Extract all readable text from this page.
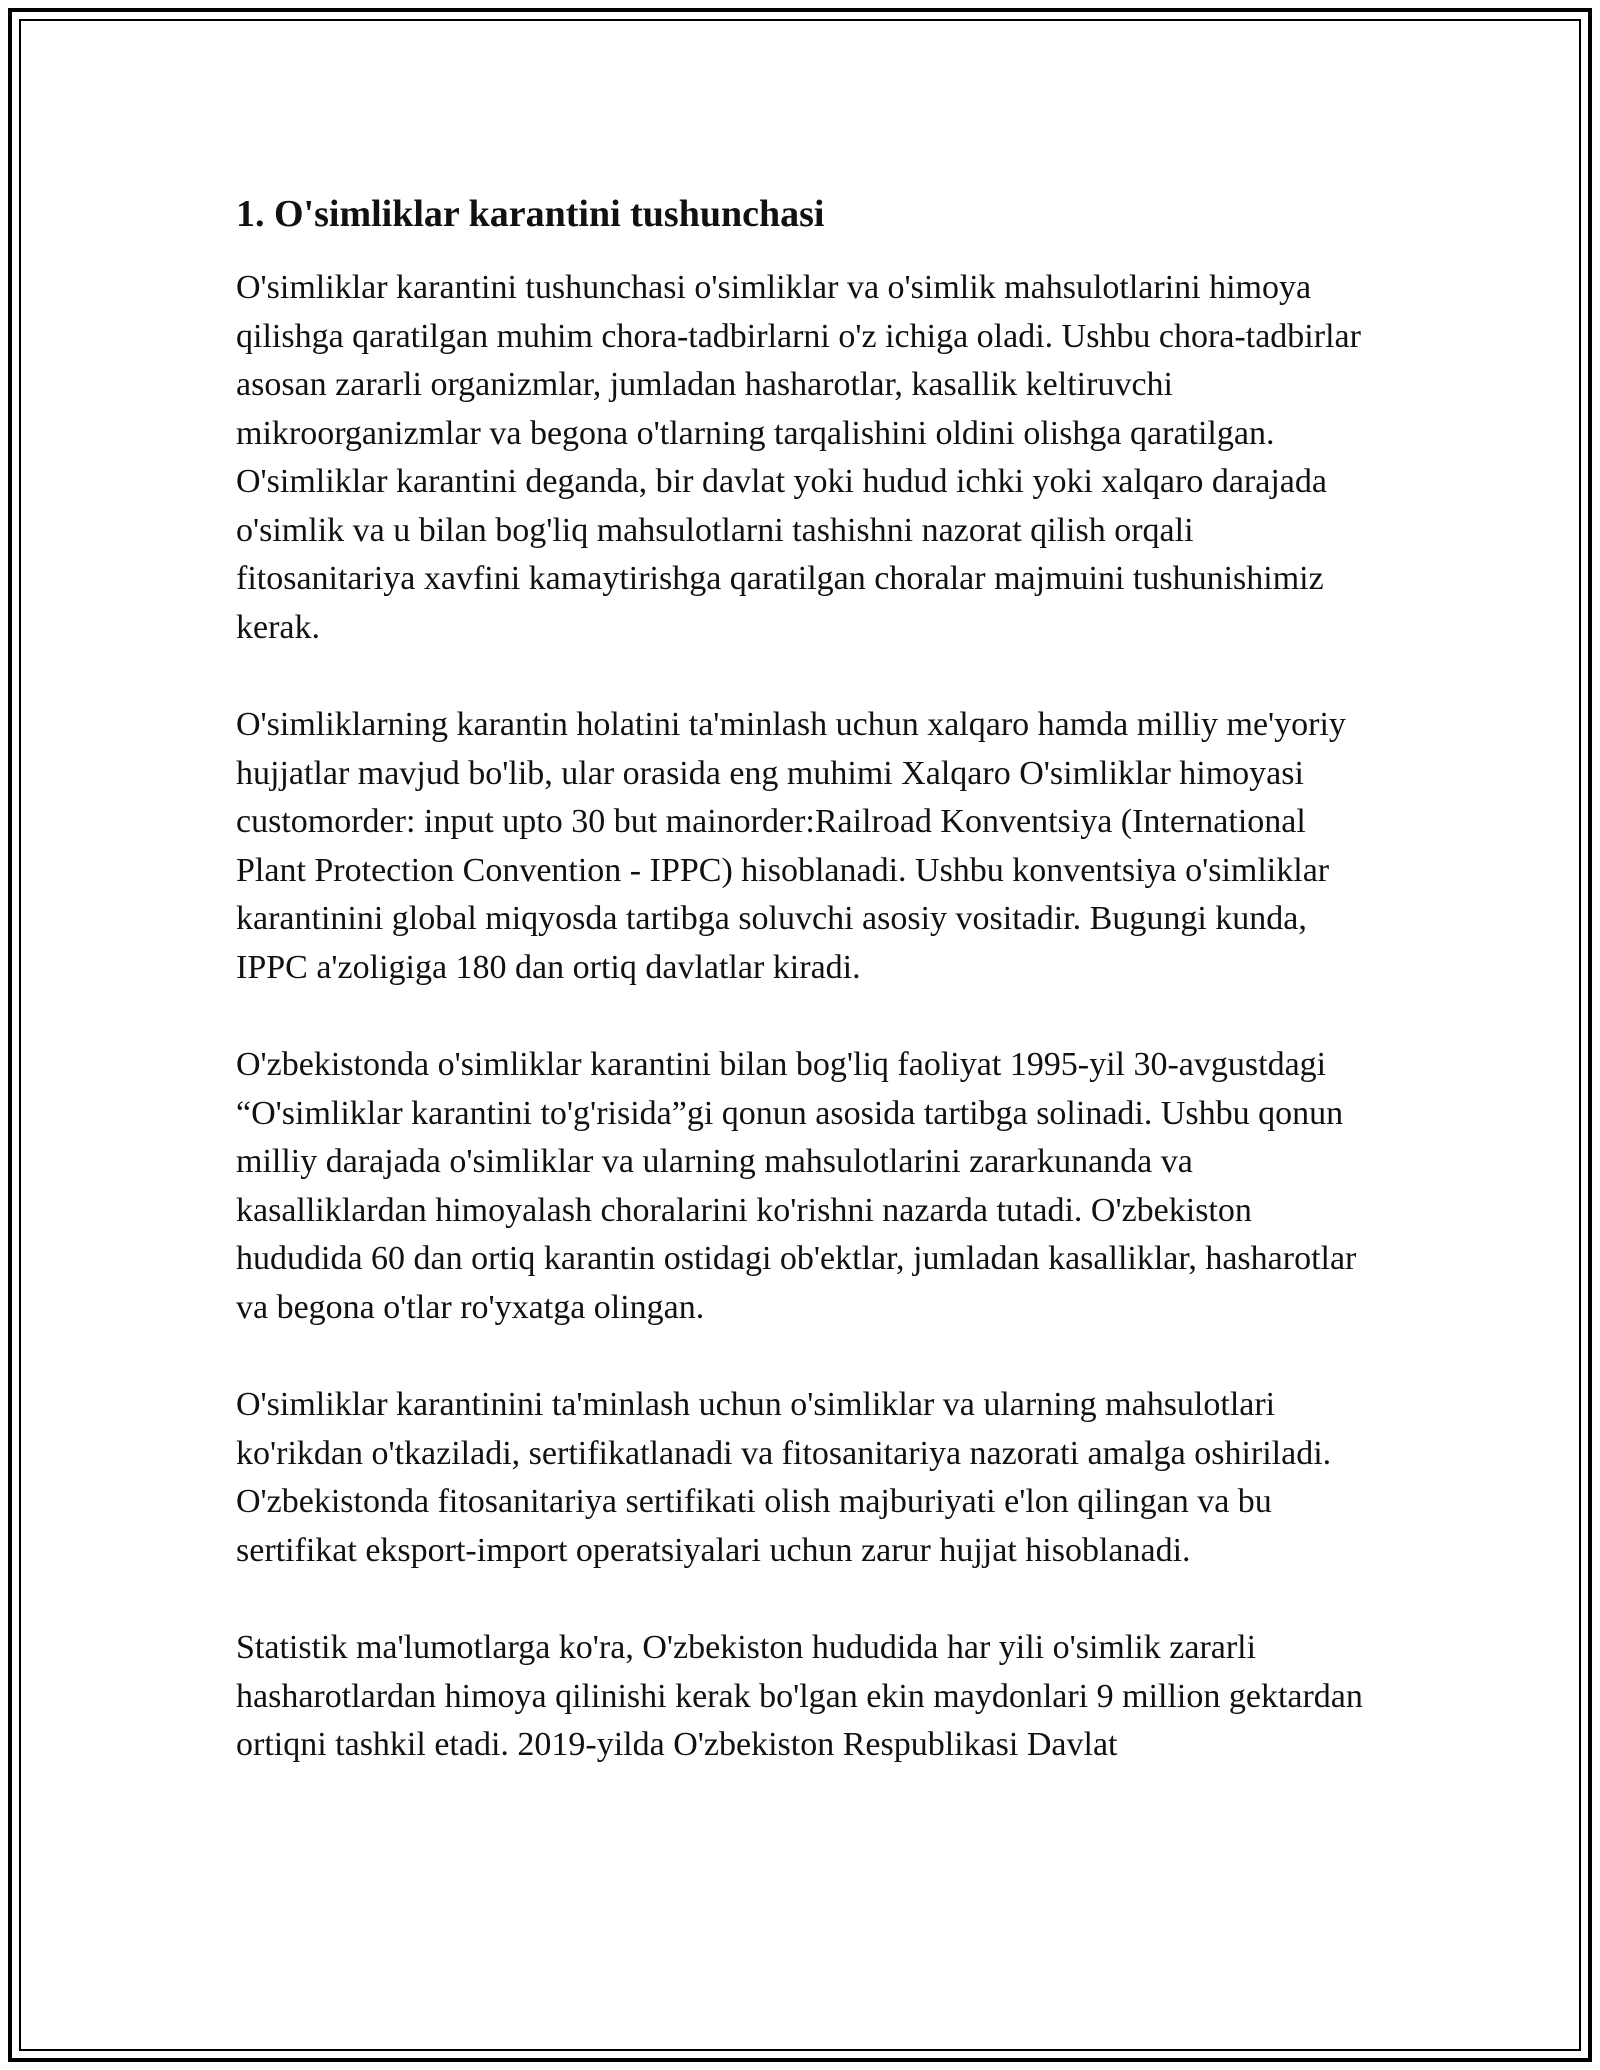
1. O'simliklar karantini tushunchasi

O'simliklar karantini tushunchasi o'simliklar va o'simlik mahsulotlarini himoya qilishga qaratilgan muhim chora-tadbirlarni o'z ichiga oladi. Ushbu chora-tadbirlar asosan zararli organizmlar, jumladan hasharotlar, kasallik keltiruvchi mikroorganizmlar va begona o'tlarning tarqalishini oldini olishga qaratilgan. O'simliklar karantini deganda, bir davlat yoki hudud ichki yoki xalqaro darajada o'simlik va u bilan bog'liq mahsulotlarni tashishni nazorat qilish orqali fitosanitariya xavfini kamaytirishga qaratilgan choralar majmuini tushunishimiz kerak.

O'simliklarning karantin holatini ta'minlash uchun xalqaro hamda milliy me'yoriy hujjatlar mavjud bo'lib, ular orasida eng muhimi Xalqaro O'simliklar himoyasi customorder: input upto 30 but mainorder:Railroad Konventsiya (International Plant Protection Convention - IPPC) hisoblanadi. Ushbu konventsiya o'simliklar karantinini global miqyosda tartibga soluvchi asosiy vositadir. Bugungi kunda, IPPC a'zoligiga 180 dan ortiq davlatlar kiradi.

O'zbekistonda o'simliklar karantini bilan bog'liq faoliyat 1995-yil 30-avgustdagi “O'simliklar karantini to'g'risida”gi qonun asosida tartibga solinadi. Ushbu qonun milliy darajada o'simliklar va ularning mahsulotlarini zararkunanda va kasalliklardan himoyalash choralarini ko'rishni nazarda tutadi. O'zbekiston hududida 60 dan ortiq karantin ostidagi ob'ektlar, jumladan kasalliklar, hasharotlar va begona o'tlar ro'yxatga olingan.

O'simliklar karantinini ta'minlash uchun o'simliklar va ularning mahsulotlari ko'rikdan o'tkaziladi, sertifikatlanadi va fitosanitariya nazorati amalga oshiriladi. O'zbekistonda fitosanitariya sertifikati olish majburiyati e'lon qilingan va bu sertifikat eksport-import operatsiyalari uchun zarur hujjat hisoblanadi.

Statistik ma'lumotlarga ko'ra, O'zbekiston hududida har yili o'simlik zararli hasharotlardan himoya qilinishi kerak bo'lgan ekin maydonlari 9 million gektardan ortiqni tashkil etadi. 2019-yilda O'zbekiston Respublikasi Davlat
